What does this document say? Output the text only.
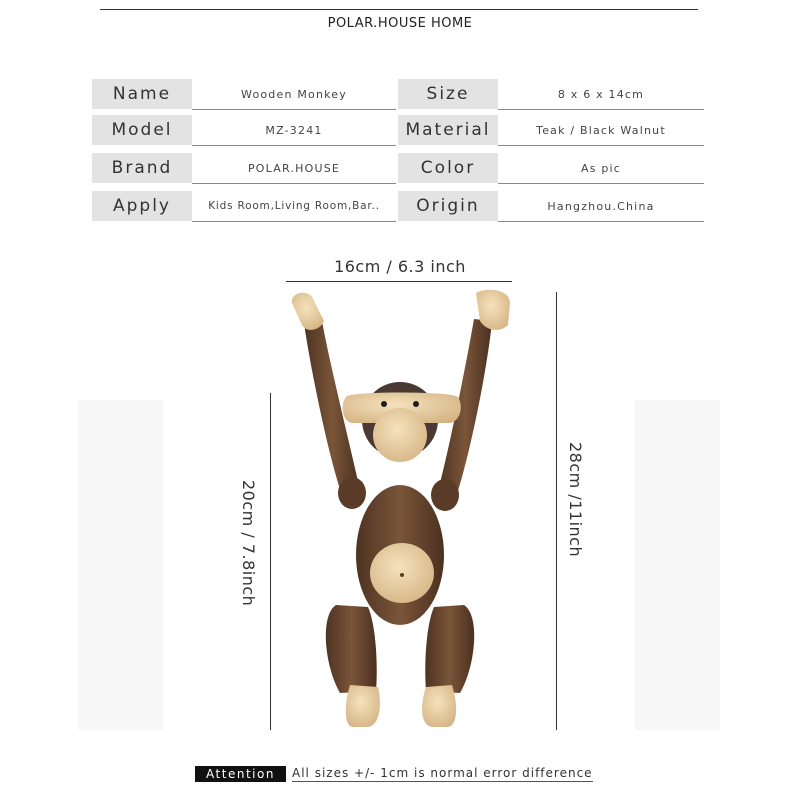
POLAR.HOUSE HOME
Name	Wooden Monkey	Size	8 x 6 x 14cm
Model	MZ-3241	Material	Teak / Black Walnut
Brand	POLAR.HOUSE	Color	As pic
Apply	Kids Room,Living Room,Bar..	Origin	Hangzhou.China
16cm / 6.3 inch
20cm / 7.8inch	28cm /11inch
Attention	All sizes +/- 1cm is normal error difference
